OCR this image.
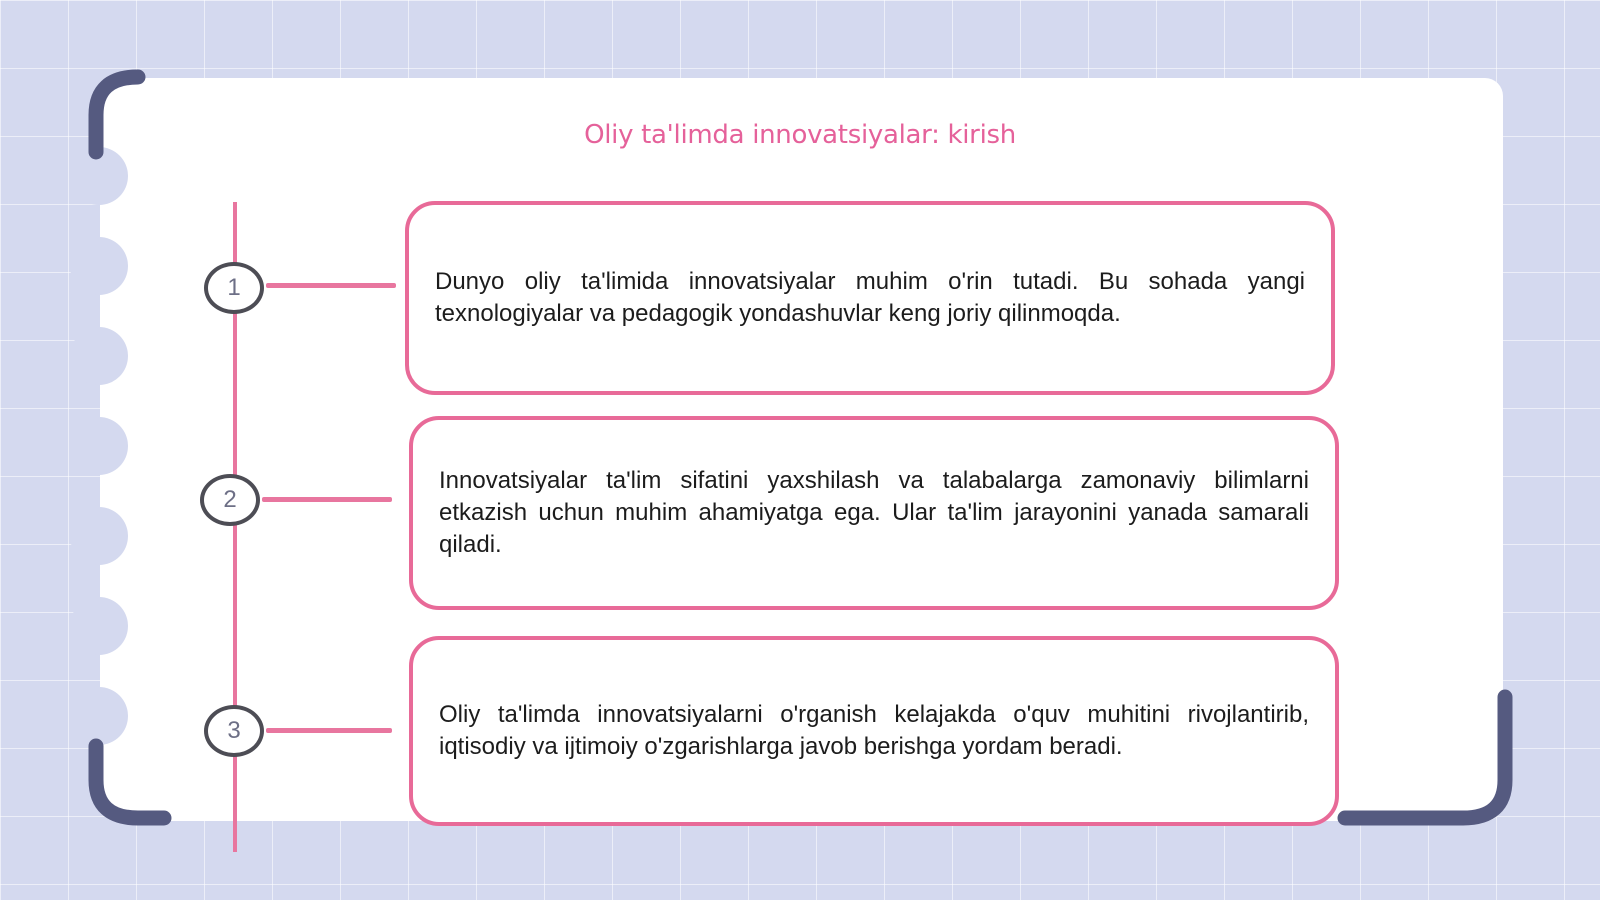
Oliy ta'limda innovatsiyalar: kirish
1
2
3
Dunyo oliy ta'limida innovatsiyalar muhim o'rin tutadi. Bu sohada yangi texnologiyalar va pedagogik yondashuvlar keng joriy qilinmoqda.
Innovatsiyalar ta'lim sifatini yaxshilash va talabalarga zamonaviy bilimlarni etkazish uchun muhim ahamiyatga ega. Ular ta'lim jarayonini yanada samarali qiladi.
Oliy ta'limda innovatsiyalarni o'rganish kelajakda o'quv muhitini rivojlantirib, iqtisodiy va ijtimoiy o'zgarishlarga javob berishga yordam beradi.
